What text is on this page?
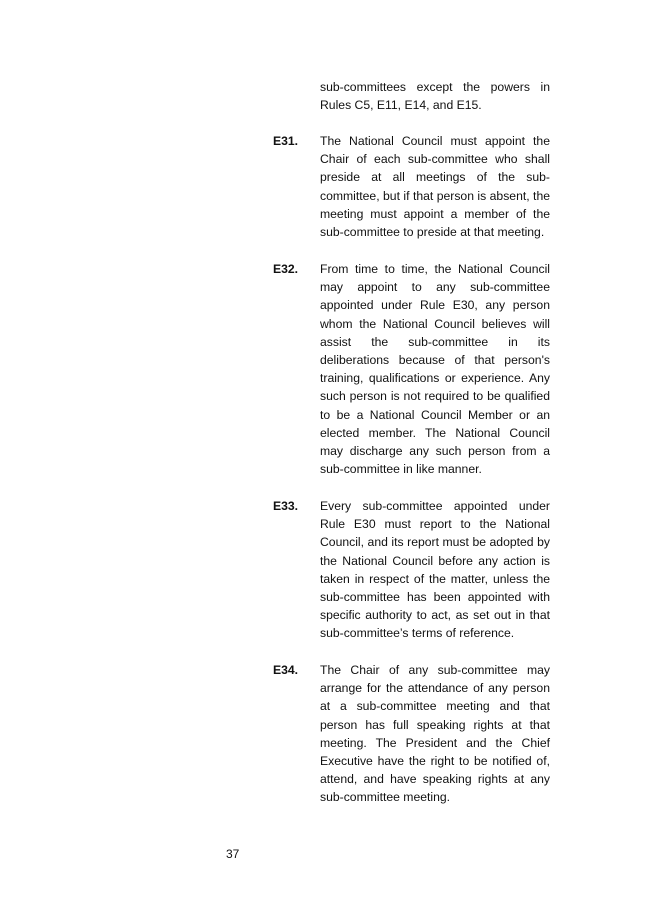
sub-committees except the powers in Rules C5, E11, E14, and E15.
E31.	The National Council must appoint the Chair of each sub-committee who shall preside at all meetings of the sub-committee, but if that person is absent, the meeting must appoint a member of the sub-committee to preside at that meeting.
E32.	From time to time, the National Council may appoint to any sub-committee appointed under Rule E30, any person whom the National Council believes will assist the sub-committee in its deliberations because of that person's training, qualifications or experience. Any such person is not required to be qualified to be a National Council Member or an elected member. The National Council may discharge any such person from a sub-committee in like manner.
E33.	Every sub-committee appointed under Rule E30 must report to the National Council, and its report must be adopted by the National Council before any action is taken in respect of the matter, unless the sub-committee has been appointed with specific authority to act, as set out in that sub-committee’s terms of reference.
E34.	The Chair of any sub-committee may arrange for the attendance of any person at a sub-committee meeting and that person has full speaking rights at that meeting. The President and the Chief Executive have the right to be notified of, attend, and have speaking rights at any sub-committee meeting.
37
